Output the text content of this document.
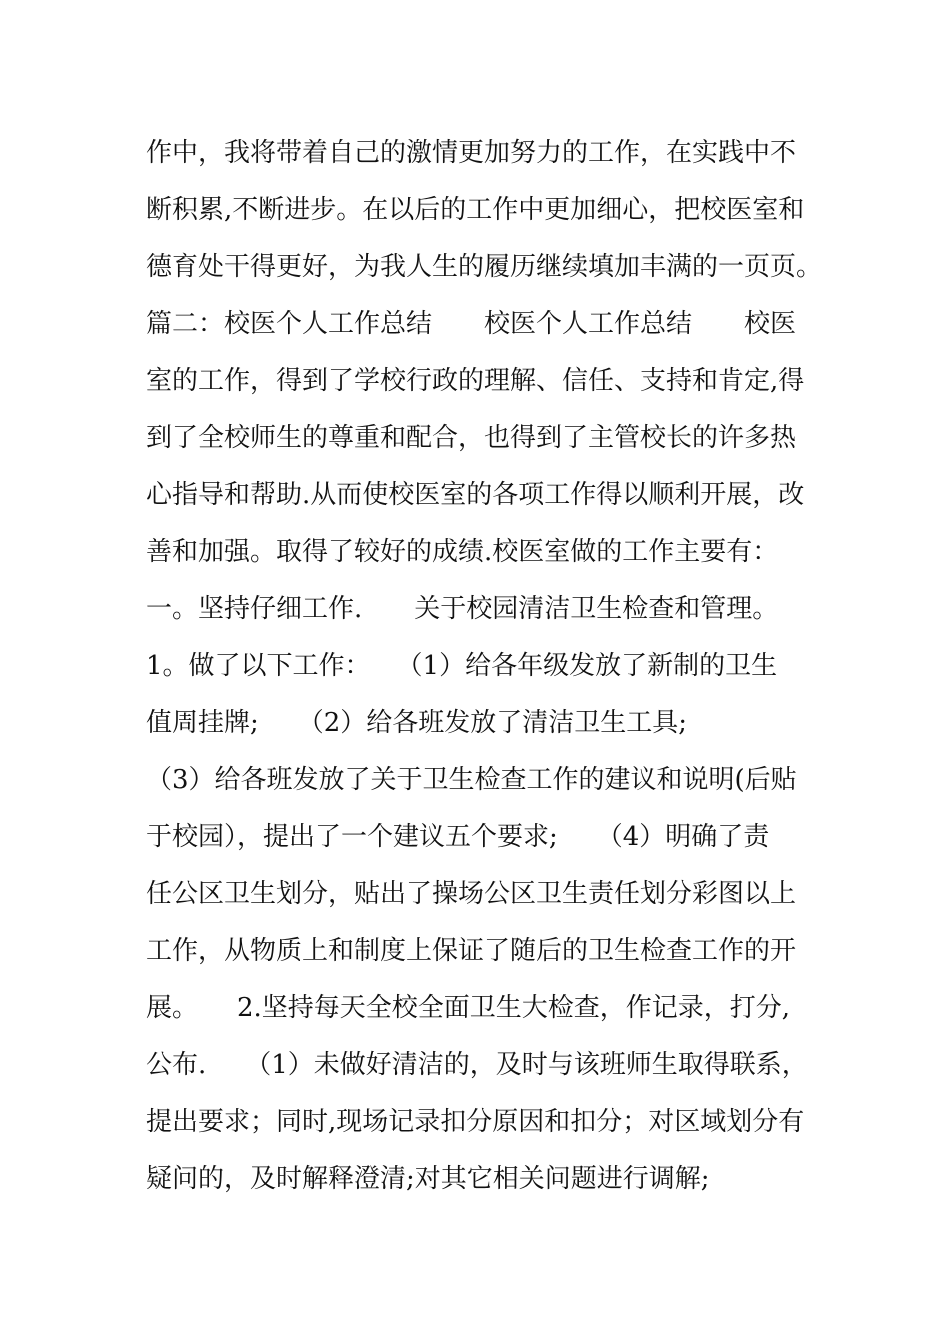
作中，我将带着自己的激情更加努力的工作，在实践中不
断积累,不断进步。在以后的工作中更加细心，把校医室和
德育处干得更好，为我人生的履历继续填加丰满的一页页。
篇二：校医个人工作总结　　校医个人工作总结　　校医
室的工作，得到了学校行政的理解、信任、支持和肯定,得
到了全校师生的尊重和配合，也得到了主管校长的许多热
心指导和帮助.从而使校医室的各项工作得以顺利开展，改
善和加强。取得了较好的成绩.校医室做的工作主要有：
一。坚持仔细工作.　　关于校园清洁卫生检查和管理。
1。做了以下工作：　　（1）给各年级发放了新制的卫生
值周挂牌;　　（2）给各班发放了清洁卫生工具;
（3）给各班发放了关于卫生检查工作的建议和说明(后贴
于校园），提出了一个建议五个要求;　　（4）明确了责
任公区卫生划分，贴出了操场公区卫生责任划分彩图以上
工作，从物质上和制度上保证了随后的卫生检查工作的开
展。　　2.坚持每天全校全面卫生大检查，作记录，打分,
公布.　　（1）未做好清洁的，及时与该班师生取得联系，
提出要求；同时,现场记录扣分原因和扣分；对区域划分有
疑问的，及时解释澄清;对其它相关问题进行调解;
